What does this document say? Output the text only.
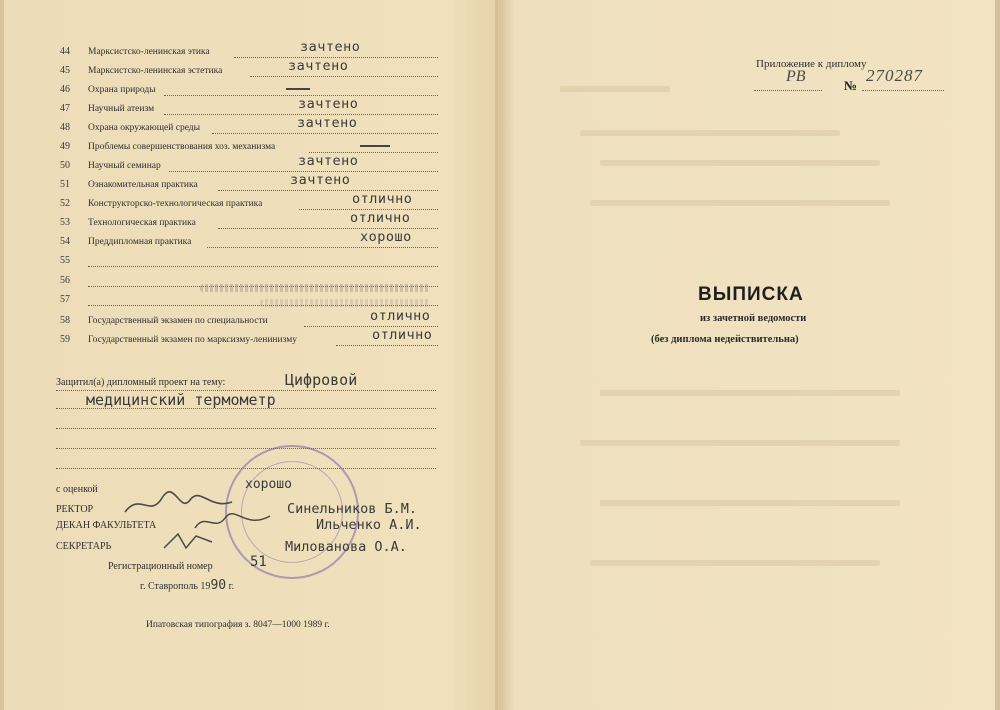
44	Марксистско-ленинская этика	зачтено
45	Марксистско-ленинская эстетика	зачтено
46	Охрана природы
47	Научный атеизм	зачтено
48	Охрана окружающей среды	зачтено
49	Проблемы совершенствования хоз. механизма
50	Научный семинар	зачтено
51	Ознакомительная практика	зачтено
52	Конструкторско-технологическая практика	отлично
53	Технологическая практика	отлично
54	Преддипломная практика	хорошо
55
56
57
58	Государственный экзамен по специальности	отлично
59	Государственный экзамен по марксизму-ленинизму	отлично
Защитил(а) дипломный проект на тему:	Цифровой
медицинский термометр
с оценкой	хорошо
РЕКТОР	Синельников Б.М.
ДЕКАН ФАКУЛЬТЕТА	Ильченко А.И.
СЕКРЕТАРЬ	Милованова О.А.
Регистрационный номер	51
г. Ставрополь 1990 г.
Ипатовская типография з. 8047—1000 1989 г.
Приложение к диплому
РВ
№
270287
ВЫПИСКА
из зачетной ведомости
(без диплома недействительна)
